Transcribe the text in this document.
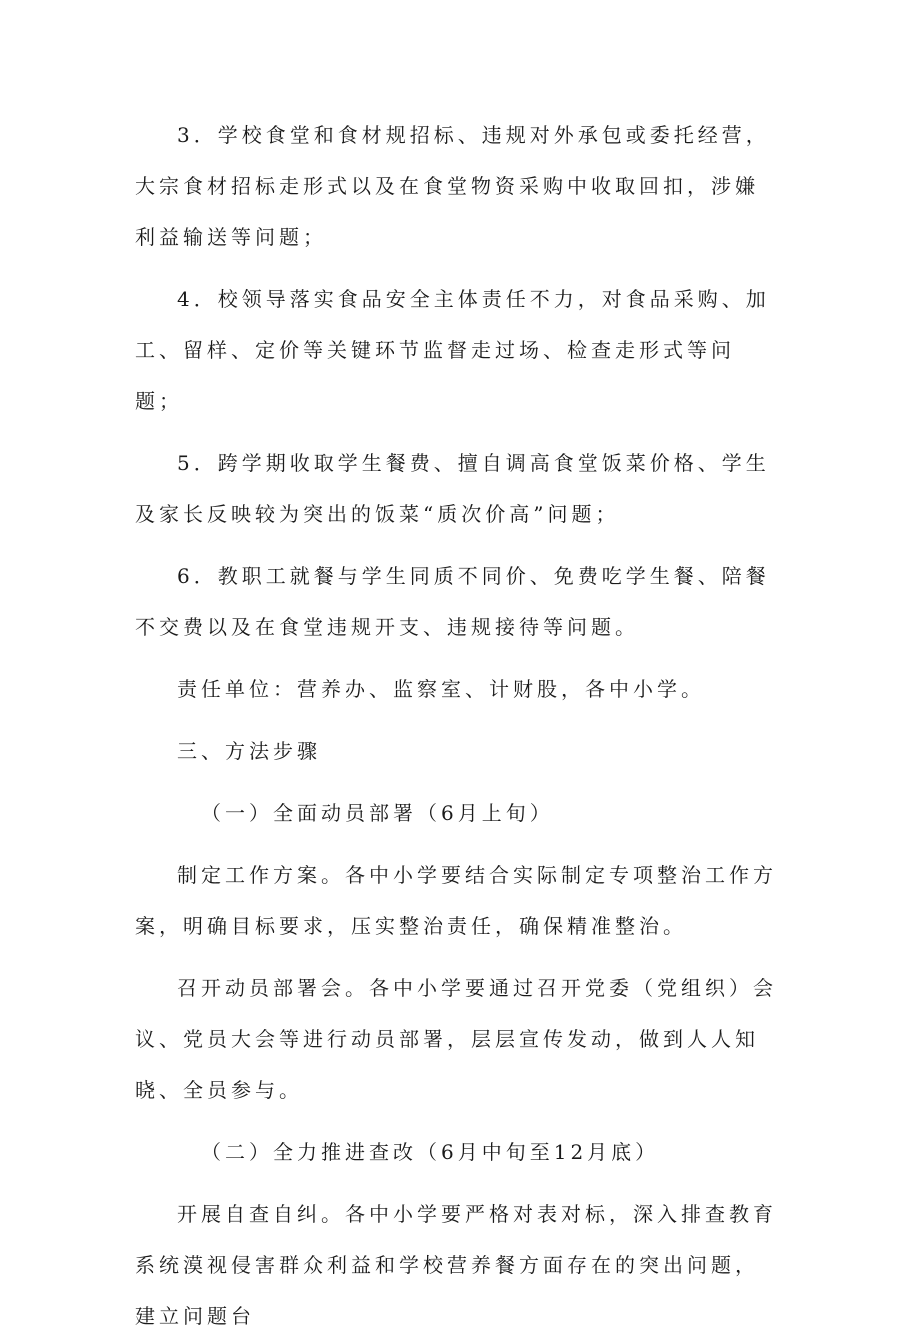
3．学校食堂和食材规招标、违规对外承包或委托经营，大宗食材招标走形式以及在食堂物资采购中收取回扣，涉嫌利益输送等问题；

4．校领导落实食品安全主体责任不力，对食品采购、加工、留样、定价等关键环节监督走过场、检查走形式等问题；

5．跨学期收取学生餐费、擅自调高食堂饭菜价格、学生及家长反映较为突出的饭菜“质次价高”问题；

6．教职工就餐与学生同质不同价、免费吃学生餐、陪餐不交费以及在食堂违规开支、违规接待等问题。

责任单位：营养办、监察室、计财股，各中小学。

三、方法步骤

（一）全面动员部署（6月上旬）

制定工作方案。各中小学要结合实际制定专项整治工作方案，明确目标要求，压实整治责任，确保精准整治。

召开动员部署会。各中小学要通过召开党委（党组织）会议、党员大会等进行动员部署，层层宣传发动，做到人人知晓、全员参与。

（二）全力推进查改（6月中旬至12月底）

开展自查自纠。各中小学要严格对表对标，深入排查教育系统漠视侵害群众利益和学校营养餐方面存在的突出问题，建立问题台
